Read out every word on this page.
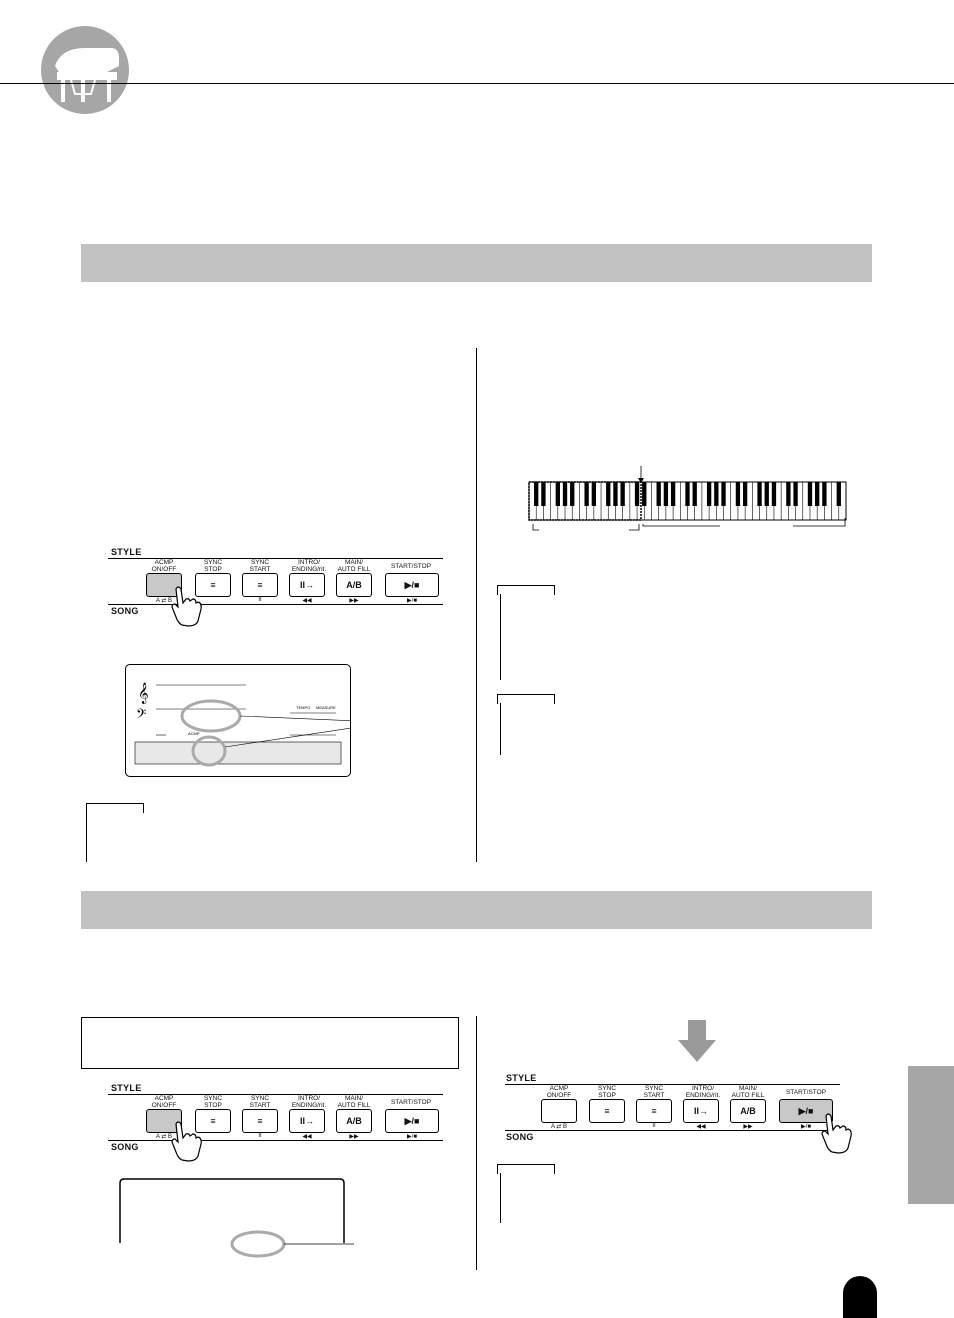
STYLE
SONG
ACMP
ON/OFF
A ⇄ B
SYNC
STOP
≡
SYNC
START
≡
II
INTRO/
ENDING/rit.
II→
◀◀
MAIN/
AUTO FILL
A/B
▶▶
START/STOP
▶/■
▶/■
𝄞
𝄢	TEMPO MEASURE
ACMP
STYLE
SONG
ACMP
ON/OFF
A ⇄ B
SYNC
STOP
≡
SYNC
START
≡
II
INTRO/
ENDING/rit.
II→
◀◀
MAIN/
AUTO FILL
A/B
▶▶
START/STOP
▶/■
▶/■
STYLE
SONG
ACMP
ON/OFF
A ⇄ B
SYNC
STOP
≡
SYNC
START
≡
II
INTRO/
ENDING/rit.
II→
◀◀
MAIN/
AUTO FILL
A/B
▶▶
START/STOP
▶/■
▶/■
